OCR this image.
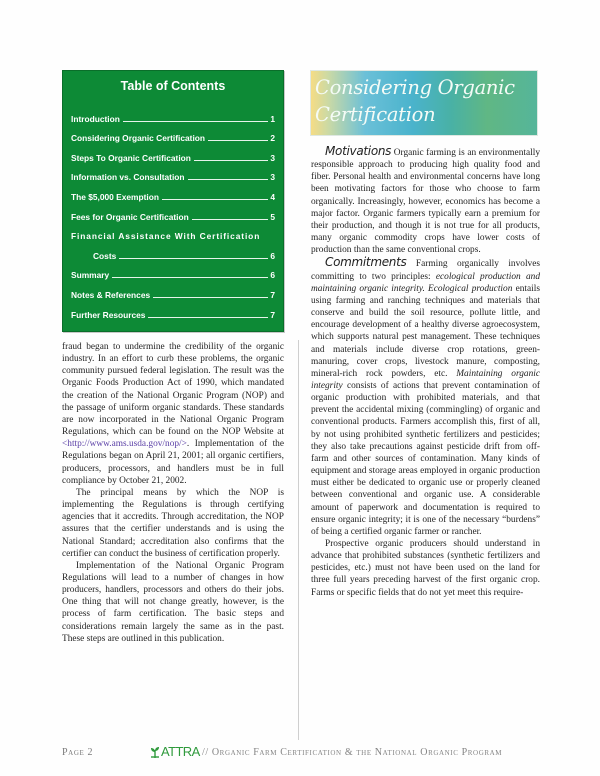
Table of Contents
Introduction	1
Considering Organic Certification	2
Steps To Organic Certification	3
Information vs. Consultation	3
The $5,000 Exemption	4
Fees for Organic Certification	5
Financial Assistance With Certification
Costs	6
Summary	6
Notes & References	7
Further Resources	7
Considering Organic
Certification

fraud began to undermine the credibility of the organic industry. In an effort to curb these problems, the organic community pursued federal legislation. The result was the Organic Foods Production Act of 1990, which mandated the creation of the National Organic Program (NOP) and the passage of uniform organic standards. These standards are now incorporated in the National Organic Program Regulations, which can be found on the NOP Website at <http://www.ams.usda.gov/nop/>. Implementation of the Regulations began on April 21, 2001; all organic certifiers, producers, processors, and handlers must be in full compliance by October 21, 2002.

The principal means by which the NOP is implementing the Regulations is through certifying agencies that it accredits. Through accreditation, the NOP assures that the certifier understands and is using the National Standard; accreditation also confirms that the certifier can conduct the business of certification properly.

Implementation of the National Organic Program Regulations will lead to a number of changes in how producers, handlers, processors and others do their jobs. One thing that will not change greatly, however, is the process of farm certification. The basic steps and considerations remain largely the same as in the past. These steps are outlined in this publication.

Motivations Organic farming is an environmentally responsible approach to producing high quality food and fiber. Personal health and environmental concerns have long been motivating factors for those who choose to farm organically. Increasingly, however, economics has become a major factor. Organic farmers typically earn a premium for their production, and though it is not true for all products, many organic commodity crops have lower costs of production than the same conventional crops.

Commitments Farming organically involves committing to two principles: ecological production and maintaining organic integrity. Ecological production entails using farming and ranching techniques and materials that conserve and build the soil resource, pollute little, and encourage development of a healthy diverse agroecosystem, which supports natural pest management. These techniques and materials include diverse crop rotations, green-manuring, cover crops, livestock manure, composting, mineral-rich rock powders, etc. Maintaining organic integrity consists of actions that prevent contamination of organic production with prohibited materials, and that prevent the accidental mixing (commingling) of organic and conventional products. Farmers accomplish this, first of all, by not using prohibited synthetic fertilizers and pesticides; they also take precautions against pesticide drift from off-farm and other sources of contamination. Many kinds of equipment and storage areas employed in organic production must either be dedicated to organic use or properly cleaned between conventional and organic use. A considerable amount of paperwork and documentation is required to ensure organic integrity; it is one of the necessary “burdens” of being a certified organic farmer or rancher.

Prospective organic producers should understand in advance that prohibited substances (synthetic fertilizers and pesticides, etc.) must not have been used on the land for three full years preceding harvest of the first organic crop. Farms or specific fields that do not yet meet this require-

Page 2	ATTRA // Organic Farm Certification & the National Organic Program
